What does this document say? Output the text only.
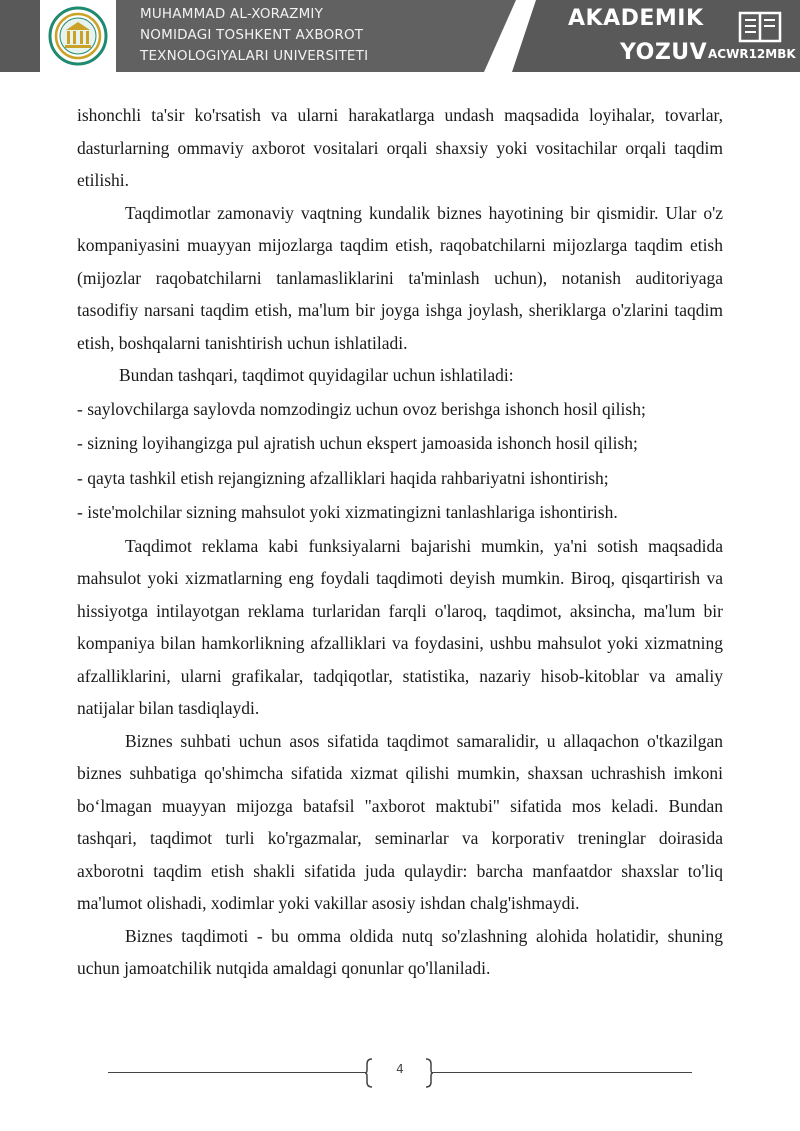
MUHAMMAD AL-XORAZMIY
NOMIDAGI TOSHKENT AXBOROT
TEXNOLOGIYALARI UNIVERSITETI
AKADEMIK
YOZUV ACWR12MBK

ishonchli ta'sir ko'rsatish va ularni harakatlarga undash maqsadida loyihalar, tovarlar, dasturlarning ommaviy axborot vositalari orqali shaxsiy yoki vositachilar orqali taqdim etilishi.

Taqdimotlar zamonaviy vaqtning kundalik biznes hayotining bir qismidir. Ular o'z kompaniyasini muayyan mijozlarga taqdim etish, raqobatchilarni mijozlarga taqdim etish (mijozlar raqobatchilarni tanlamasliklarini ta'minlash uchun), notanish auditoriyaga tasodifiy narsani taqdim etish, ma'lum bir joyga ishga joylash, sheriklarga o'zlarini taqdim etish, boshqalarni tanishtirish uchun ishlatiladi.

Bundan tashqari, taqdimot quyidagilar uchun ishlatiladi:

- saylovchilarga saylovda nomzodingiz uchun ovoz berishga ishonch hosil qilish;

- sizning loyihangizga pul ajratish uchun ekspert jamoasida ishonch hosil qilish;

- qayta tashkil etish rejangizning afzalliklari haqida rahbariyatni ishontirish;

- iste'molchilar sizning mahsulot yoki xizmatingizni tanlashlariga ishontirish.

Taqdimot reklama kabi funksiyalarni bajarishi mumkin, ya'ni sotish maqsadida mahsulot yoki xizmatlarning eng foydali taqdimoti deyish mumkin. Biroq, qisqartirish va hissiyotga intilayotgan reklama turlaridan farqli o'laroq, taqdimot, aksincha, ma'lum bir kompaniya bilan hamkorlikning afzalliklari va foydasini, ushbu mahsulot yoki xizmatning afzalliklarini, ularni grafikalar, tadqiqotlar, statistika, nazariy hisob-kitoblar va amaliy natijalar bilan tasdiqlaydi.

Biznes suhbati uchun asos sifatida taqdimot samaralidir, u allaqachon o'tkazilgan biznes suhbatiga qo'shimcha sifatida xizmat qilishi mumkin, shaxsan uchrashish imkoni bo‘lmagan muayyan mijozga batafsil "axborot maktubi" sifatida mos keladi. Bundan tashqari, taqdimot turli ko'rgazmalar, seminarlar va korporativ treninglar doirasida axborotni taqdim etish shakli sifatida juda qulaydir: barcha manfaatdor shaxslar to'liq ma'lumot olishadi, xodimlar yoki vakillar asosiy ishdan chalg'ishmaydi.

Biznes taqdimoti - bu omma oldida nutq so'zlashning alohida holatidir, shuning uchun jamoatchilik nutqida amaldagi qonunlar qo'llaniladi.

4
